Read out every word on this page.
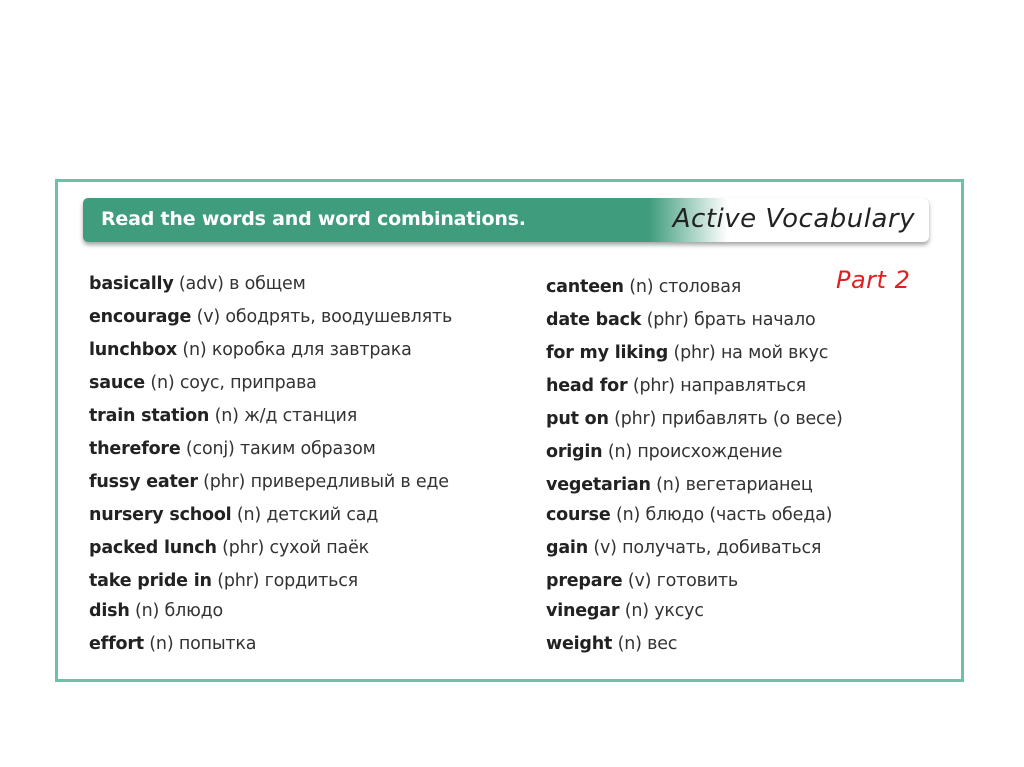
Read the words and word combinations.	Active Vocabulary
Part 2
basically (adv) в общем
encourage (v) ободрять, воодушевлять
lunchbox (n) коробка для завтрака
sauce (n) соус, приправа
train station (n) ж/д станция
therefore (conj) таким образом
fussy eater (phr) привередливый в еде
nursery school (n) детский сад
packed lunch (phr) сухой паёк
take pride in (phr) гордиться
dish (n) блюдо
effort (n) попытка
canteen (n) столовая
date back (phr) брать начало
for my liking (phr) на мой вкус
head for (phr) направляться
put on (phr) прибавлять (о весе)
origin (n) происхождение
vegetarian (n) вегетарианец
course (n) блюдо (часть обеда)
gain (v) получать, добиваться
prepare (v) готовить
vinegar (n) уксус
weight (n) вес
